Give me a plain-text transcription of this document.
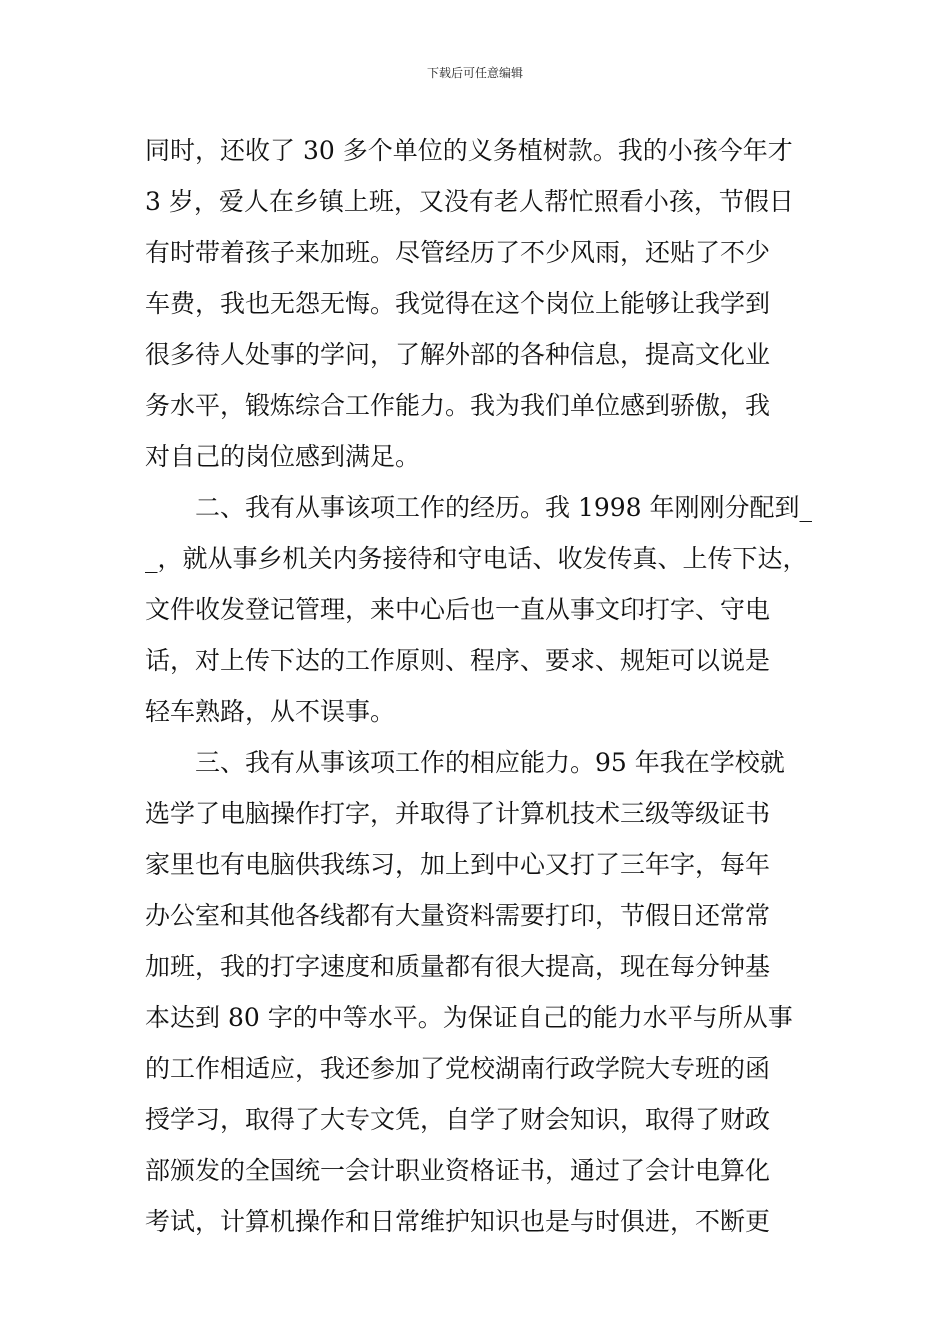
下载后可任意编辑
同时，还收了 30 多个单位的义务植树款。我的小孩今年才
3 岁，爱人在乡镇上班，又没有老人帮忙照看小孩，节假日
有时带着孩子来加班。尽管经历了不少风雨，还贴了不少
车费，我也无怨无悔。我觉得在这个岗位上能够让我学到
很多待人处事的学问，了解外部的各种信息，提高文化业
务水平，锻炼综合工作能力。我为我们单位感到骄傲，我
对自己的岗位感到满足。
二、我有从事该项工作的经历。我 1998 年刚刚分配到_
_，就从事乡机关内务接待和守电话、收发传真、上传下达，
文件收发登记管理，来中心后也一直从事文印打字、守电
话，对上传下达的工作原则、程序、要求、规矩可以说是
轻车熟路，从不误事。
三、我有从事该项工作的相应能力。95 年我在学校就
选学了电脑操作打字，并取得了计算机技术三级等级证书
家里也有电脑供我练习，加上到中心又打了三年字，每年
办公室和其他各线都有大量资料需要打印，节假日还常常
加班，我的打字速度和质量都有很大提高，现在每分钟基
本达到 80 字的中等水平。为保证自己的能力水平与所从事
的工作相适应，我还参加了党校湖南行政学院大专班的函
授学习，取得了大专文凭，自学了财会知识，取得了财政
部颁发的全国统一会计职业资格证书，通过了会计电算化
考试，计算机操作和日常维护知识也是与时俱进，不断更
